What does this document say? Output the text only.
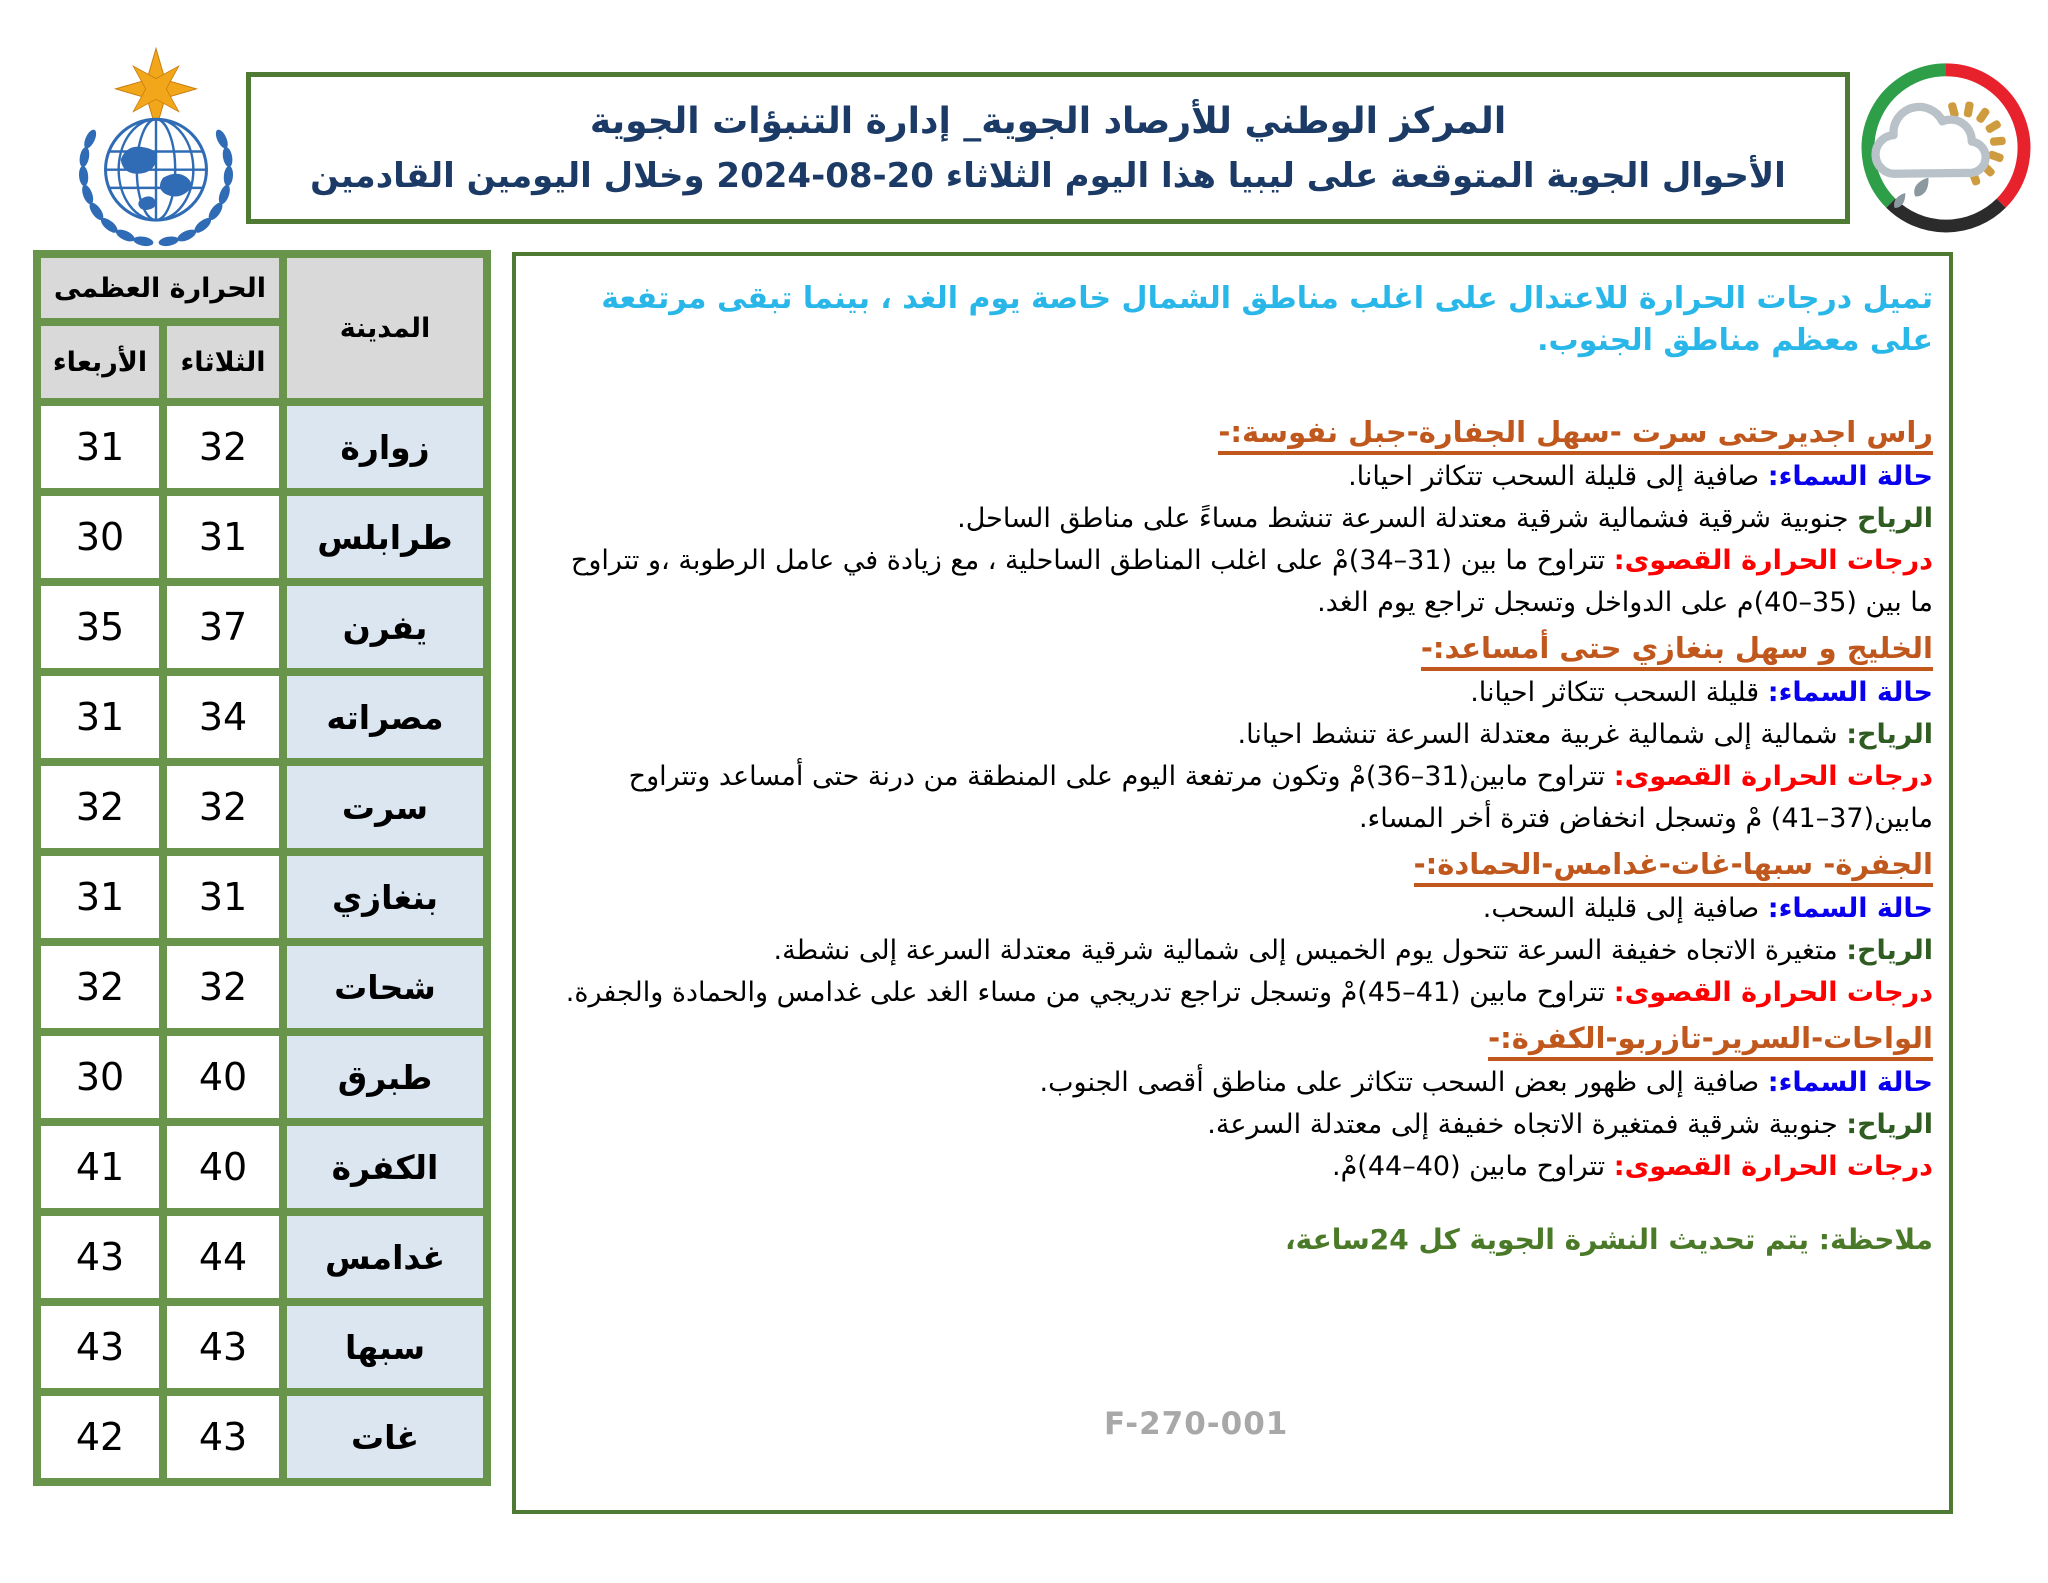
المركز الوطني للأرصاد الجوية_ إدارة التنبؤات الجوية
الأحوال الجوية المتوقعة على ليبيا هذا اليوم الثلاثاء 20-08-2024 وخلال اليومين القادمين
المدينة	الحرارة العظمى	
	الثلاثاء	الأربعاء
زوارة	32	31
طرابلس	31	30
يفرن	37	35
مصراته	34	31
سرت	32	32
بنغازي	31	31
شحات	32	32
طبرق	40	30
الكفرة	40	41
غدامس	44	43
سبها	43	43
غات	43	42

تميل درجات الحرارة للاعتدال على اغلب مناطق الشمال خاصة يوم الغد ، بينما تبقى مرتفعة على معظم مناطق الجنوب.

راس اجديرحتى سرت -سهل الجفارة-جبل نفوسة:-

حالة السماء: صافية إلى قليلة السحب تتكاثر احيانا.

الرياح جنوبية شرقية فشمالية شرقية معتدلة السرعة تنشط مساءً على مناطق الساحل.

درجات الحرارة القصوى: تتراوح ما بين (31–34)مْ على اغلب المناطق الساحلية ، مع زيادة في عامل الرطوبة ،و تتراوح ما بين (35–40)م على الدواخل وتسجل تراجع يوم الغد.

الخليج و سهل بنغازي حتى أمساعد:-

حالة السماء: قليلة السحب تتكاثر احيانا.

الرياح: شمالية إلى شمالية غربية معتدلة السرعة تنشط احيانا.

درجات الحرارة القصوى: تتراوح مابين(31–36)مْ وتكون مرتفعة اليوم على المنطقة من درنة حتى أمساعد وتتراوح مابين(37–41) مْ وتسجل انخفاض فترة أخر المساء.

الجفرة- سبها-غات-غدامس-الحمادة:-

حالة السماء: صافية إلى قليلة السحب.

الرياح: متغيرة الاتجاه خفيفة السرعة تتحول يوم الخميس إلى شمالية شرقية معتدلة السرعة إلى نشطة.

درجات الحرارة القصوى: تتراوح مابين (41–45)مْ وتسجل تراجع تدريجي من مساء الغد على غدامس والحمادة والجفرة.

الواحات-السرير-تازربو-الكفرة:-

حالة السماء: صافية إلى ظهور بعض السحب تتكاثر على مناطق أقصى الجنوب.

الرياح: جنوبية شرقية فمتغيرة الاتجاه خفيفة إلى معتدلة السرعة.

درجات الحرارة القصوى: تتراوح مابين (40–44)مْ.

ملاحظة: يتم تحديث النشرة الجوية كل 24ساعة،

F-270-001
